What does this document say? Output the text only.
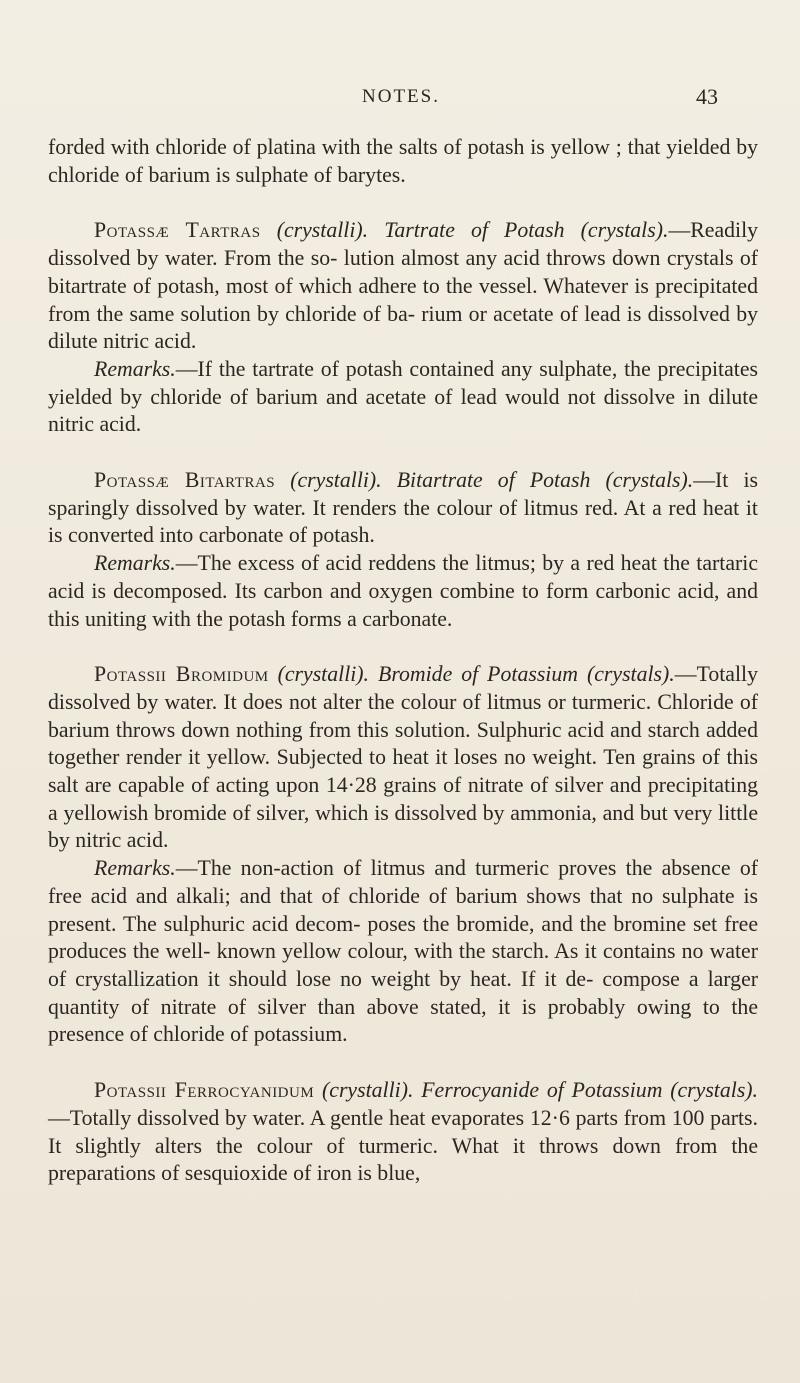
NOTES.	43

forded with chloride of platina with the salts of potash is yellow ; that yielded by chloride of barium is sulphate of barytes.

Potassæ Tartras (crystalli). Tartrate of Potash (crystals).—Readily dissolved by water. From the so- lution almost any acid throws down crystals of bitartrate of potash, most of which adhere to the vessel. Whatever is precipitated from the same solution by chloride of ba- rium or acetate of lead is dissolved by dilute nitric acid.

Remarks.—If the tartrate of potash contained any sulphate, the precipitates yielded by chloride of barium and acetate of lead would not dissolve in dilute nitric acid.

Potassæ Bitartras (crystalli). Bitartrate of Potash (crystals).—It is sparingly dissolved by water. It renders the colour of litmus red. At a red heat it is converted into carbonate of potash.

Remarks.—The excess of acid reddens the litmus; by a red heat the tartaric acid is decomposed. Its carbon and oxygen combine to form carbonic acid, and this uniting with the potash forms a carbonate.

Potassii Bromidum (crystalli). Bromide of Potassium (crystals).—Totally dissolved by water. It does not alter the colour of litmus or turmeric. Chloride of barium throws down nothing from this solution. Sulphuric acid and starch added together render it yellow. Subjected to heat it loses no weight. Ten grains of this salt are capable of acting upon 14·28 grains of nitrate of silver and precipitating a yellowish bromide of silver, which is dissolved by ammonia, and but very little by nitric acid.

Remarks.—The non-action of litmus and turmeric proves the absence of free acid and alkali; and that of chloride of barium shows that no sulphate is present. The sulphuric acid decom- poses the bromide, and the bromine set free produces the well- known yellow colour, with the starch. As it contains no water of crystallization it should lose no weight by heat. If it de- compose a larger quantity of nitrate of silver than above stated, it is probably owing to the presence of chloride of potassium.

Potassii Ferrocyanidum (crystalli). Ferrocyanide of Potassium (crystals).—Totally dissolved by water. A gentle heat evaporates 12·6 parts from 100 parts. It slightly alters the colour of turmeric. What it throws down from the preparations of sesquioxide of iron is blue,
